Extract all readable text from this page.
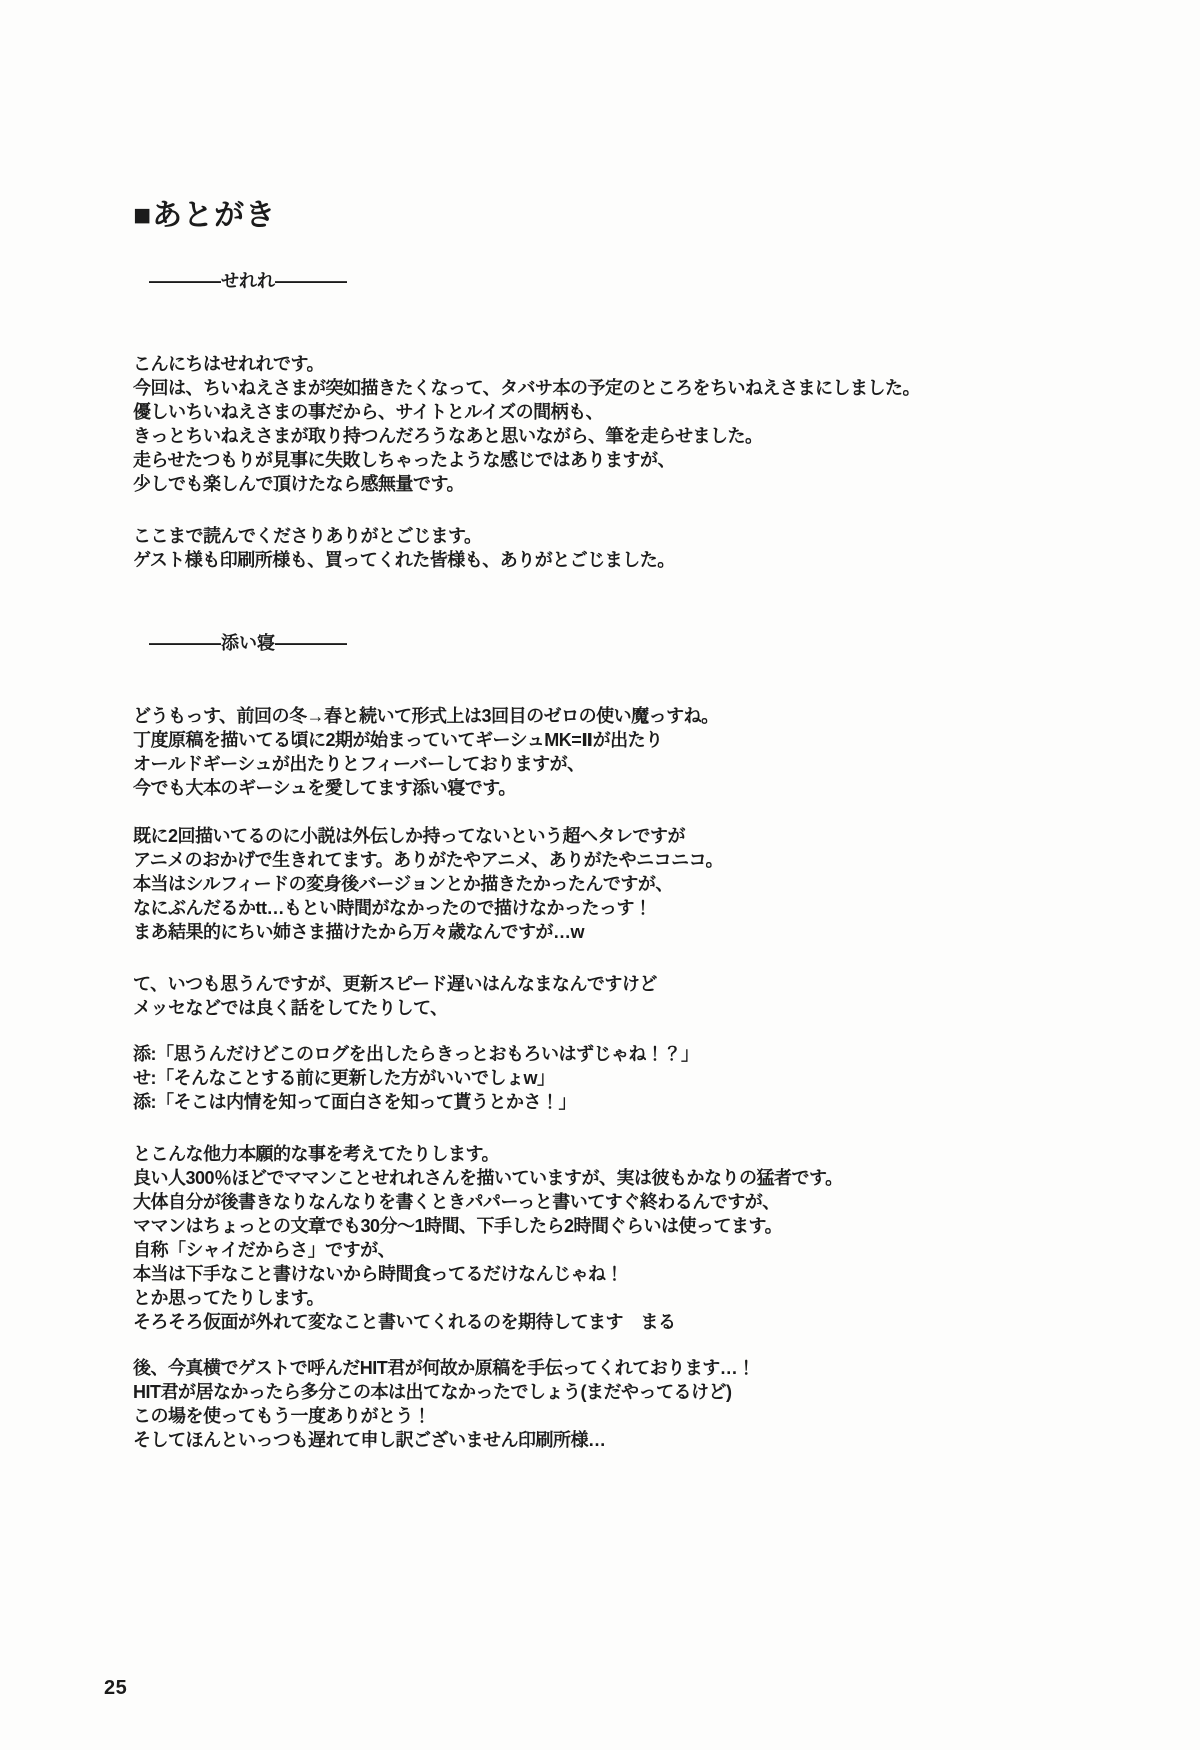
■あとがき
――――せれれ――――
こんにちはせれれです。
今回は、ちいねえさまが突如描きたくなって、タバサ本の予定のところをちいねえさまにしました。
優しいちいねえさまの事だから、サイトとルイズの間柄も、
きっとちいねえさまが取り持つんだろうなあと思いながら、筆を走らせました。
走らせたつもりが見事に失敗しちゃったような感じではありますが、
少しでも楽しんで頂けたなら感無量です。
ここまで読んでくださりありがとごじます。
ゲスト様も印刷所様も、買ってくれた皆様も、ありがとごじました。
――――添い寝――――
どうもっす、前回の冬→春と続いて形式上は3回目のゼロの使い魔っすね。
丁度原稿を描いてる頃に2期が始まっていてギーシュMK=Ⅱが出たり
オールドギーシュが出たりとフィーバーしておりますが、
今でも大本のギーシュを愛してます添い寝です。
既に2回描いてるのに小説は外伝しか持ってないという超ヘタレですが
アニメのおかげで生きれてます。ありがたやアニメ、ありがたやニコニコ。
本当はシルフィードの変身後バージョンとか描きたかったんですが、
なにぶんだるかtt…もとい時間がなかったので描けなかったっす！
まあ結果的にちい姉さま描けたから万々歳なんですが…w
て、いつも思うんですが、更新スピード遅いはんなまなんですけど
メッセなどでは良く話をしてたりして、
添:「思うんだけどこのログを出したらきっとおもろいはずじゃね！？」
せ:「そんなことする前に更新した方がいいでしょw」
添:「そこは内情を知って面白さを知って貰うとかさ！」
とこんな他力本願的な事を考えてたりします。
良い人300％ほどでママンことせれれさんを描いていますが、実は彼もかなりの猛者です。
大体自分が後書きなりなんなりを書くときパパーっと書いてすぐ終わるんですが、
ママンはちょっとの文章でも30分～1時間、下手したら2時間ぐらいは使ってます。
自称「シャイだからさ」ですが、
本当は下手なこと書けないから時間食ってるだけなんじゃね！
とか思ってたりします。
そろそろ仮面が外れて変なこと書いてくれるのを期待してます　まる
後、今真横でゲストで呼んだHIT君が何故か原稿を手伝ってくれております…！
HIT君が居なかったら多分この本は出てなかったでしょう(まだやってるけど)
この場を使ってもう一度ありがとう！
そしてほんといっつも遅れて申し訳ございません印刷所様…
25
